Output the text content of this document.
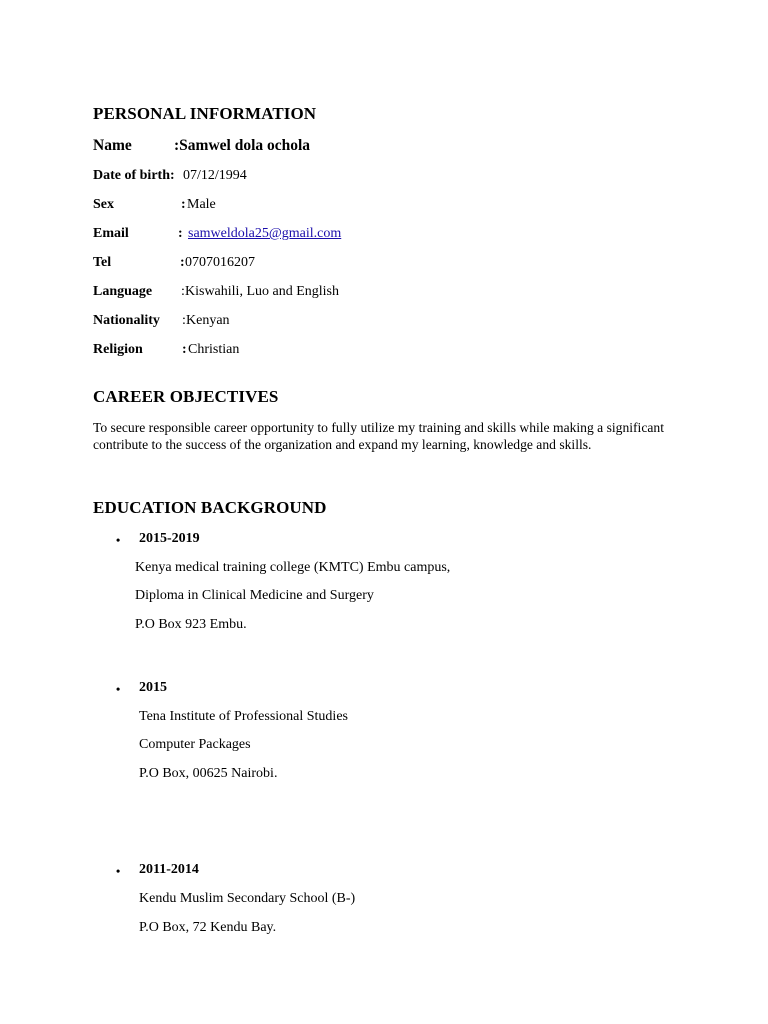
PERSONAL INFORMATION
Name	:Samwel dola ochola
Date of birth: 07/12/1994
Sex	: Male
Email	: samweldola25@gmail.com
Tel	: 0707016207
Language : Kiswahili, Luo and English
Nationality : Kenyan
Religion	: Christian
CAREER OBJECTIVES
To secure responsible career opportunity to fully utilize my training and skills while making a significant contribute to the success of the organization and expand my learning, knowledge and skills.
EDUCATION BACKGROUND
• 2015-2019
Kenya medical training college (KMTC) Embu campus,
Diploma in Clinical Medicine and Surgery
P.O Box 923 Embu.
• 2015
Tena Institute of Professional Studies
Computer Packages
P.O Box, 00625 Nairobi.
• 2011-2014
Kendu Muslim Secondary School (B-)
P.O Box, 72 Kendu Bay.
